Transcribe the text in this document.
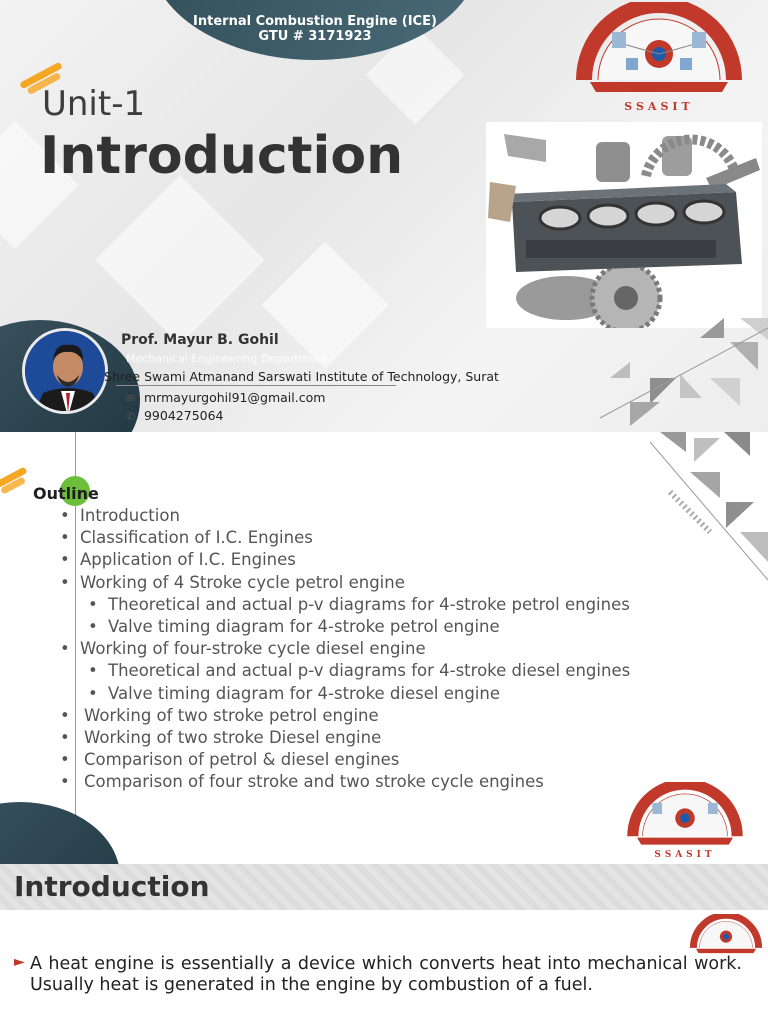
Internal Combustion Engine (ICE)
GTU # 3171923
Unit-1
Introduction
SSASIT
Prof. Mayur B. Gohil
Mechanical Engineering Department
Shree Swami Atmanand Sarswati Institute of Technology, Surat
✉ mrmayurgohil91@gmail.com
✆ 9904275064
Outline
• Introduction
• Classification of I.C. Engines
• Application of I.C. Engines
• Working of 4 Stroke cycle petrol engine
• Theoretical and actual p-v diagrams for 4-stroke petrol engines
• Valve timing diagram for 4-stroke petrol engine
• Working of four-stroke cycle diesel engine
• Theoretical and actual p-v diagrams for 4-stroke diesel engines
• Valve timing diagram for 4-stroke diesel engine
• Working of two stroke petrol engine
• Working of two stroke Diesel engine
• Comparison of petrol & diesel engines
• Comparison of four stroke and two stroke cycle engines
SSASIT
Introduction
► A heat engine is essentially a device which converts heat into mechanical work. Usually heat is generated in the engine by combustion of a fuel.
